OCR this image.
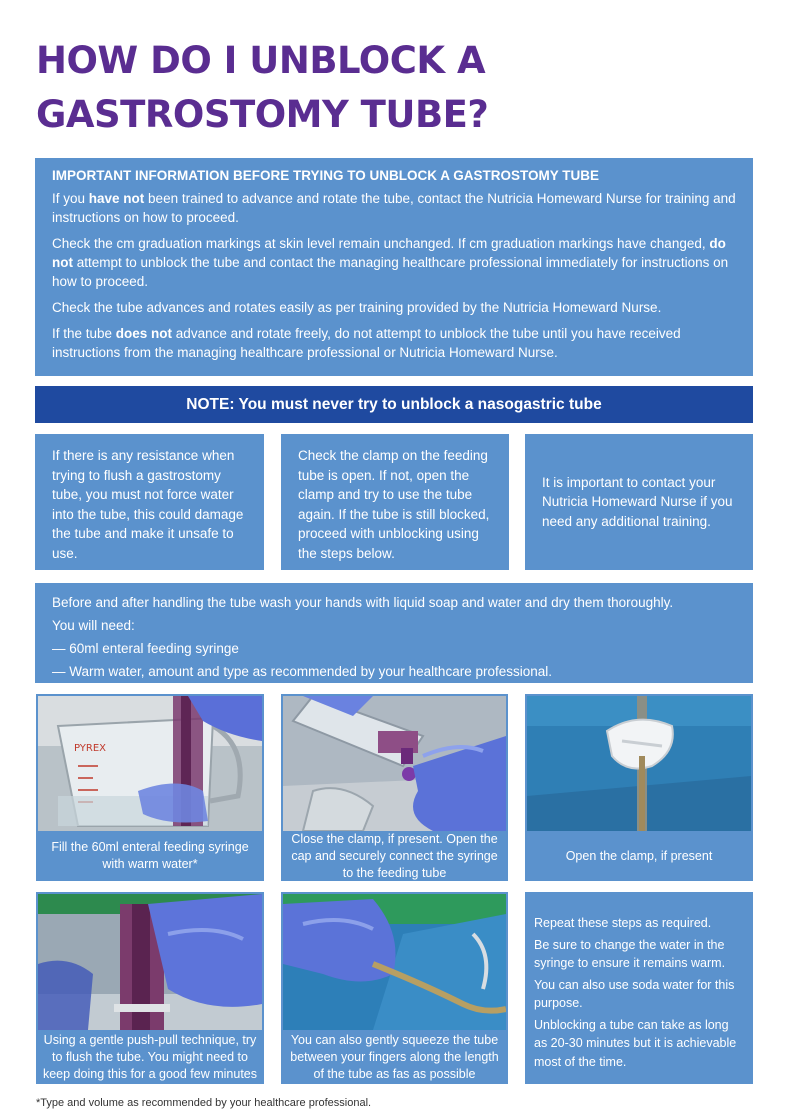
HOW DO I UNBLOCK A
GASTROSTOMY TUBE?
IMPORTANT INFORMATION BEFORE TRYING TO UNBLOCK A GASTROSTOMY TUBE

If you have not been trained to advance and rotate the tube, contact the Nutricia Homeward Nurse for training and instructions on how to proceed.

Check the cm graduation markings at skin level remain unchanged. If cm graduation markings have changed, do not attempt to unblock the tube and contact the managing healthcare professional immediately for instructions on how to proceed.

Check the tube advances and rotates easily as per training provided by the Nutricia Homeward Nurse.

If the tube does not advance and rotate freely, do not attempt to unblock the tube until you have received instructions from the managing healthcare professional or Nutricia Homeward Nurse.

NOTE: You must never try to unblock a nasogastric tube

If there is any resistance when trying to flush a gastrostomy tube, you must not force water into the tube, this could damage the tube and make it unsafe to use.

Check the clamp on the feeding tube is open. If not, open the clamp and try to use the tube again. If the tube is still blocked, proceed with unblocking using the steps below.

It is important to contact your Nutricia Homeward Nurse if you need any additional training.

Before and after handling the tube wash your hands with liquid soap and water and dry them thoroughly.

You will need:

— 60ml enteral feeding syringe

— Warm water, amount and type as recommended by your healthcare professional.

PYREX
Fill the 60ml enteral feeding syringe with warm water*
Close the clamp, if present. Open the cap and securely connect the syringe to the feeding tube
Open the clamp, if present
Using a gentle push-pull technique, try to flush the tube. You might need to keep doing this for a good few minutes
You can also gently squeeze the tube between your fingers along the length of the tube as fas as possible

Repeat these steps as required.

Be sure to change the water in the syringe to ensure it remains warm.

You can also use soda water for this purpose.

Unblocking a tube can take as long as 20-30 minutes but it is achievable most of the time.

*Type and volume as recommended by your healthcare professional.
